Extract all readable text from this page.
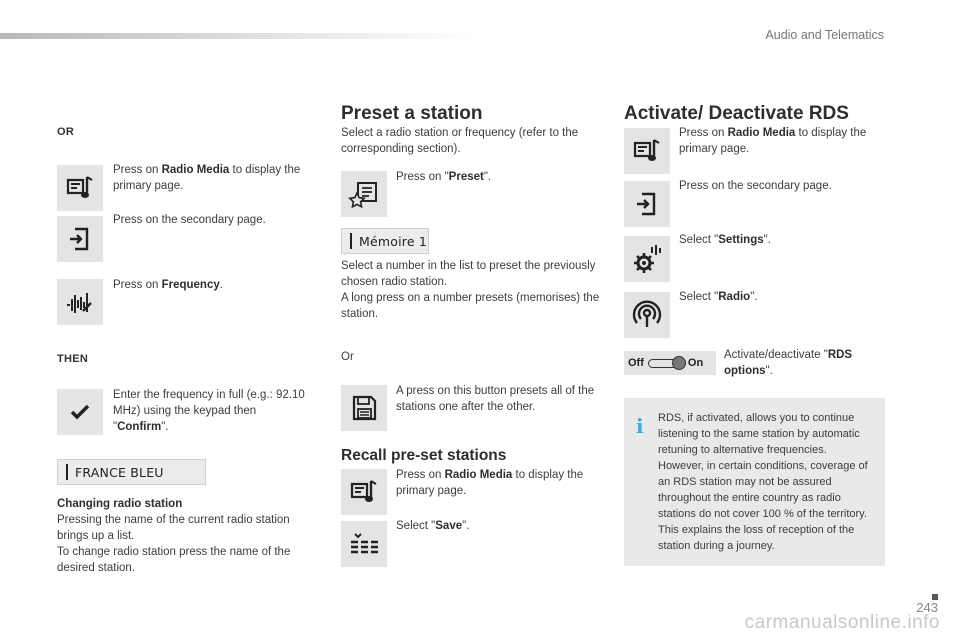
Audio and Telematics
OR
Press on Radio Media to display the primary page.
Press on the secondary page.
Press on Frequency.
THEN
Enter the frequency in full (e.g.: 92.10 MHz) using the keypad then "Confirm".
FRANCE BLEU
Changing radio station
Pressing the name of the current radio station brings up a list.
To change radio station press the name of the desired station.
Preset a station
Select a radio station or frequency (refer to the corresponding section).
Press on "Preset".
Mémoire 1
Select a number in the list to preset the previously chosen radio station.
A long press on a number presets (memorises) the station.
Or
A press on this button presets all of the stations one after the other.
Recall pre-set stations
Press on Radio Media to display the primary page.
Select "Save".
Activate/ Deactivate RDS
Press on Radio Media to display the primary page.
Press on the secondary page.
Select "Settings".
Select "Radio".
Off	On
Activate/deactivate "RDS options".
i RDS, if activated, allows you to continue listening to the same station by automatic retuning to alternative frequencies. However, in certain conditions, coverage of an RDS station may not be assured throughout the entire country as radio stations do not cover 100 % of the territory. This explains the loss of reception of the station during a journey.
243
carmanualsonline.info
